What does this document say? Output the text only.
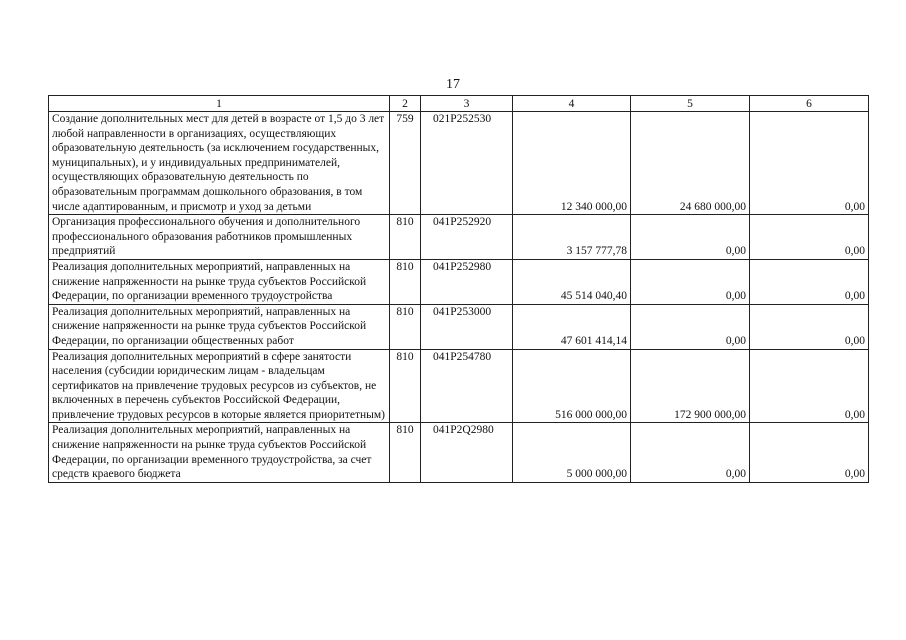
17
1	2	3	4	5	6
Создание дополнительных мест для детей в возрасте от 1,5 до 3 лет любой направленности в организациях, осуществляющих образовательную деятельность (за исключением государственных, муниципальных), и у индивидуальных предпринимателей, осуществляющих образовательную деятельность по образовательным программам дошкольного образования, в том числе адаптированным, и присмотр и уход за детьми	759	021P252530	12 340 000,00	24 680 000,00	0,00
Организация профессионального обучения и дополнительного профессионального образования работников промышленных предприятий	810	041P252920	3 157 777,78	0,00	0,00
Реализация дополнительных мероприятий, направленных на снижение напряженности на рынке труда субъектов Российской Федерации, по организации временного трудоустройства	810	041P252980	45 514 040,40	0,00	0,00
Реализация дополнительных мероприятий, направленных на снижение напряженности на рынке труда субъектов Российской Федерации, по организации общественных работ	810	041P253000	47 601 414,14	0,00	0,00
Реализация дополнительных мероприятий в сфере занятости населения (субсидии юридическим лицам - владельцам сертификатов на привлечение трудовых ресурсов из субъектов, не включенных в перечень субъектов Российской Федерации, привлечение трудовых ресурсов в которые является приоритетным)	810	041P254780	516 000 000,00	172 900 000,00	0,00
Реализация дополнительных мероприятий, направленных на снижение напряженности на рынке труда субъектов Российской Федерации, по организации временного трудоустройства, за счет средств краевого бюджета	810	041P2Q2980	5 000 000,00	0,00	0,00
